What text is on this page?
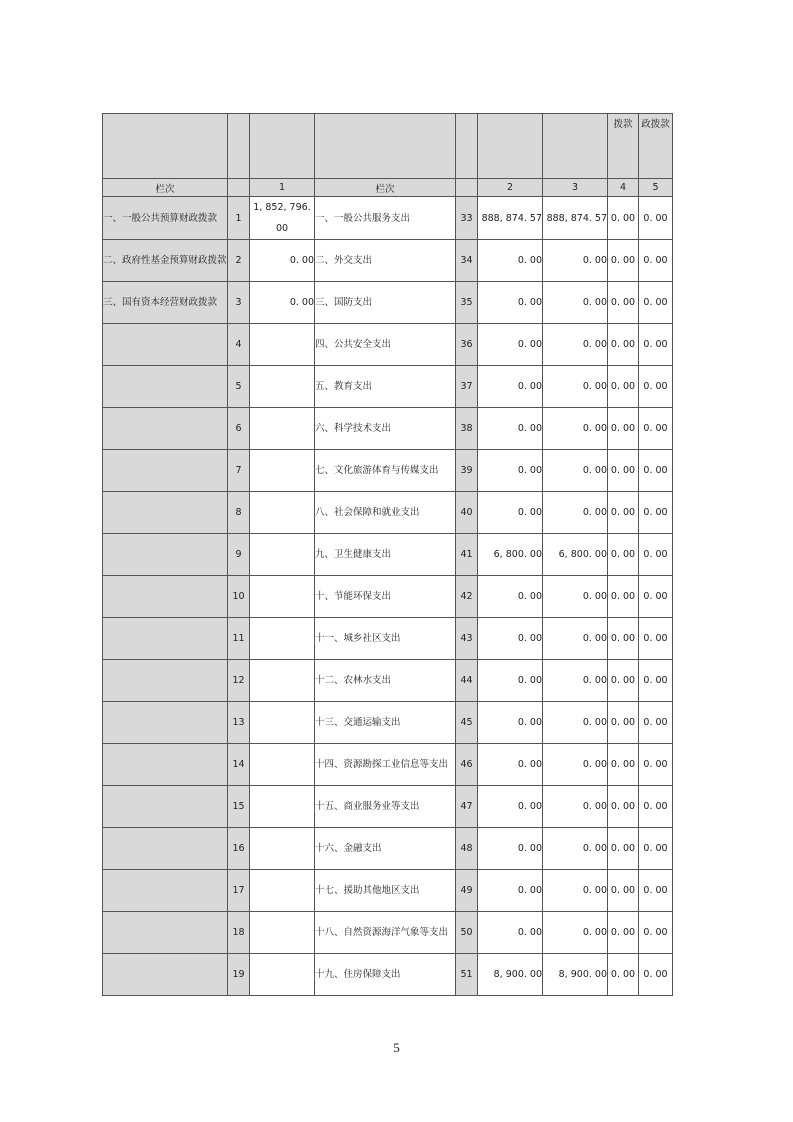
							拨款	政拨款
栏次		1	栏次		2	3	4	5
一、一般公共预算财政拨款	1	1, 852, 796. 00	一、一般公共服务支出	33	888, 874. 57	888, 874. 57	0. 00	0. 00
二、政府性基金预算财政拨款	2	0. 00	二、外交支出	34	0. 00	0. 00	0. 00	0. 00
三、国有资本经营财政拨款	3	0. 00	三、国防支出	35	0. 00	0. 00	0. 00	0. 00
	4		四、公共安全支出	36	0. 00	0. 00	0. 00	0. 00
	5		五、教育支出	37	0. 00	0. 00	0. 00	0. 00
	6		六、科学技术支出	38	0. 00	0. 00	0. 00	0. 00
	7		七、文化旅游体育与传媒支出	39	0. 00	0. 00	0. 00	0. 00
	8		八、社会保障和就业支出	40	0. 00	0. 00	0. 00	0. 00
	9		九、卫生健康支出	41	6, 800. 00	6, 800. 00	0. 00	0. 00
	10		十、节能环保支出	42	0. 00	0. 00	0. 00	0. 00
	11		十一、城乡社区支出	43	0. 00	0. 00	0. 00	0. 00
	12		十二、农林水支出	44	0. 00	0. 00	0. 00	0. 00
	13		十三、交通运输支出	45	0. 00	0. 00	0. 00	0. 00
	14		十四、资源勘探工业信息等支出	46	0. 00	0. 00	0. 00	0. 00
	15		十五、商业服务业等支出	47	0. 00	0. 00	0. 00	0. 00
	16		十六、金融支出	48	0. 00	0. 00	0. 00	0. 00
	17		十七、援助其他地区支出	49	0. 00	0. 00	0. 00	0. 00
	18		十八、自然资源海洋气象等支出	50	0. 00	0. 00	0. 00	0. 00
	19		十九、住房保障支出	51	8, 900. 00	8, 900. 00	0. 00	0. 00
5
